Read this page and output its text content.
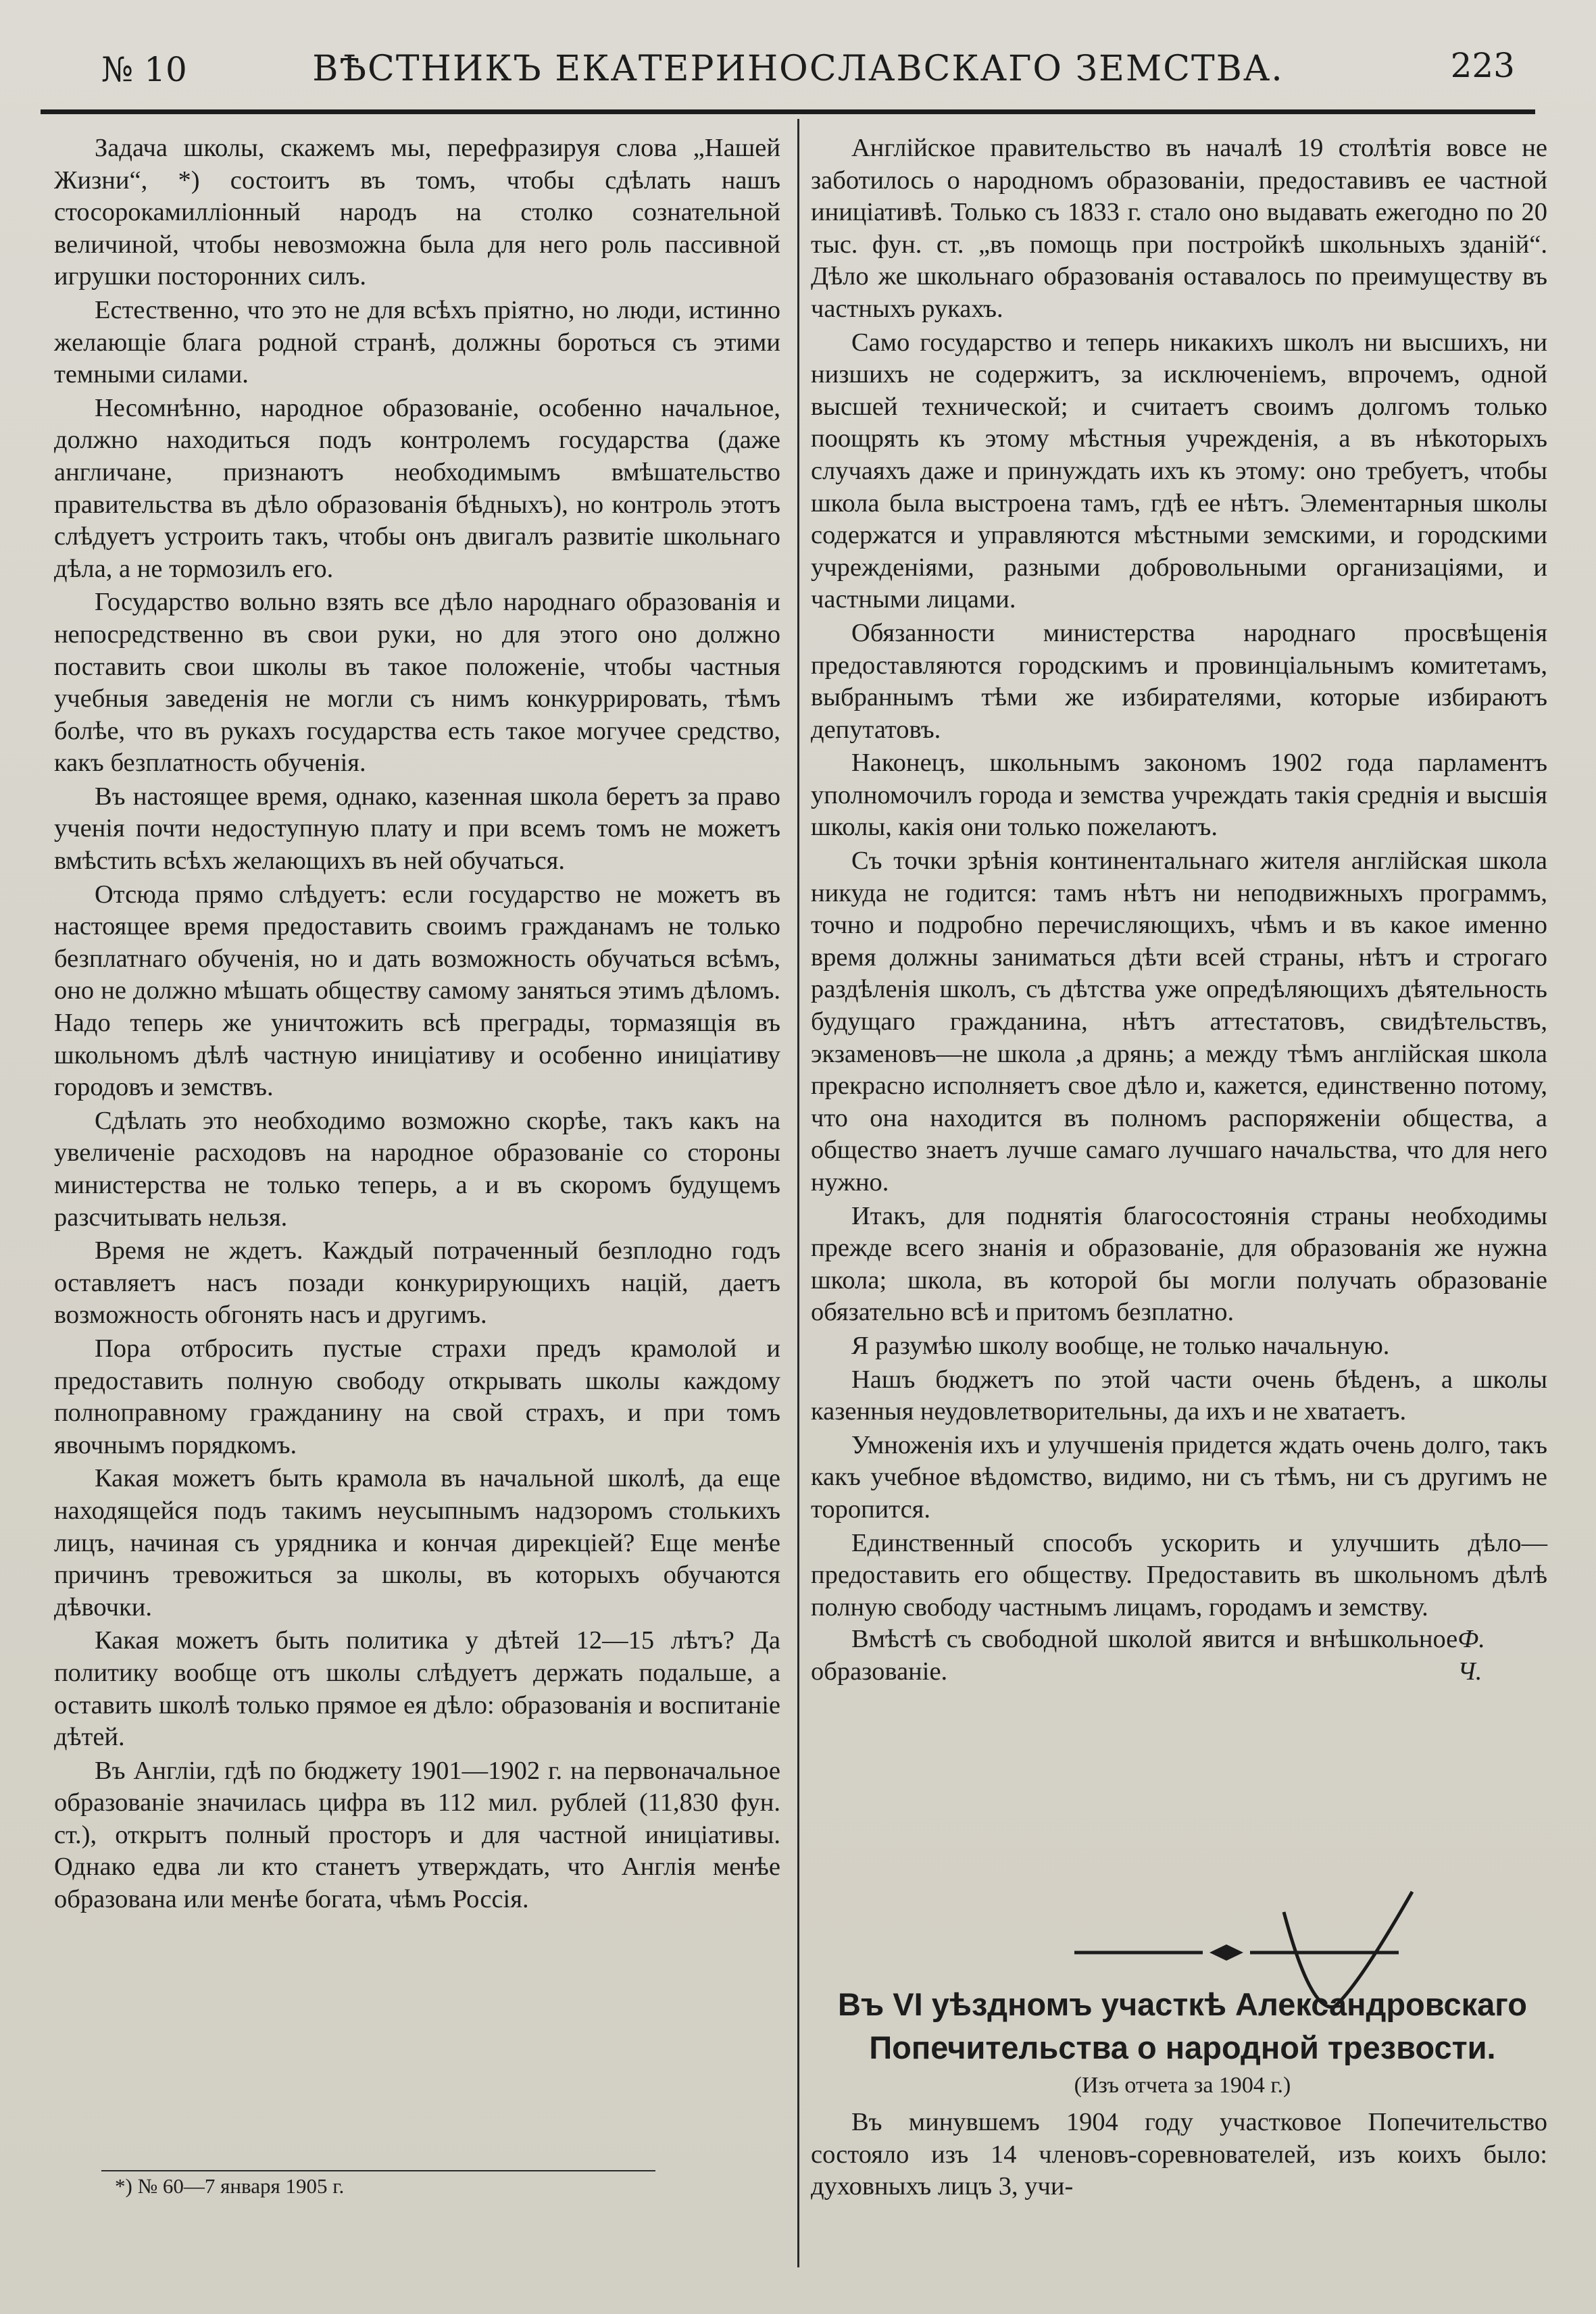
№ 10	ВѢСТНИКЪ ЕКАТЕРИНОСЛАВСКАГО ЗЕМСТВА.	223

Задача школы, скажемъ мы, перефразируя слова „Нашей Жизни“, *) состоитъ въ томъ, чтобы сдѣлать нашъ стосорокамилліонный народъ на столко сознательной величиной, чтобы невозможна была для него роль пассивной игрушки посторонних силъ.

Естественно, что это не для всѣхъ пріятно, но люди, истинно желающіе блага родной странѣ, должны бороться съ этими темными силами.

Несомнѣнно, народное образованіе, особенно начальное, должно находиться подъ контролемъ государства (даже англичане, признаютъ необходимымъ вмѣшательство правительства въ дѣло образованія бѣдныхъ), но контроль этотъ слѣдуетъ устроить такъ, чтобы онъ двигалъ развитіе школьнаго дѣла, а не тормозилъ его.

Государство вольно взять все дѣло народнаго образованія и непосредственно въ свои руки, но для этого оно должно поставить свои школы въ такое положеніе, чтобы частныя учебныя заведенія не могли съ нимъ конкуррировать, тѣмъ болѣе, что въ рукахъ государства есть такое могучее средство, какъ безплатность обученія.

Въ настоящее время, однако, казенная школа беретъ за право ученія почти недоступную плату и при всемъ томъ не можетъ вмѣстить всѣхъ желающихъ въ ней обучаться.

Отсюда прямо слѣдуетъ: если государство не можетъ въ настоящее время предоставить своимъ гражданамъ не только безплатнаго обученія, но и дать возможность обучаться всѣмъ, оно не должно мѣшать обществу самому заняться этимъ дѣломъ. Надо теперь же уничтожить всѣ преграды, тормазящія въ школьномъ дѣлѣ частную иниціативу и особенно иниціативу городовъ и земствъ.

Сдѣлать это необходимо возможно скорѣе, такъ какъ на увеличеніе расходовъ на народное образованіе со стороны министерства не только теперь, а и въ скоромъ будущемъ разсчитывать нельзя.

Время не ждетъ. Каждый потраченный безплодно годъ оставляетъ насъ позади конкурирующихъ націй, даетъ возможность обгонять насъ и другимъ.

Пора отбросить пустые страхи предъ крамолой и предоставить полную свободу открывать школы каждому полноправному гражданину на свой страхъ, и при томъ явочнымъ порядкомъ.

Какая можетъ быть крамола въ начальной школѣ, да еще находящейся подъ такимъ неусыпнымъ надзоромъ столькихъ лицъ, начиная съ урядника и кончая дирекціей? Еще менѣе причинъ тревожиться за школы, въ которыхъ обучаются дѣвочки.

Какая можетъ быть политика у дѣтей 12—15 лѣтъ? Да политику вообще отъ школы слѣдуетъ держать подальше, а оставить школѣ только прямое ея дѣло: образованія и воспитаніе дѣтей.

Въ Англіи, гдѣ по бюджету 1901—1902 г. на первоначальное образованіе значилась цифра въ 112 мил. рублей (11,830 фун. ст.), открытъ полный просторъ и для частной иниціативы. Однако едва ли кто станетъ утверждать, что Англія менѣе образована или менѣе богата, чѣмъ Россія.

*) № 60—7 января 1905 г.

Англійское правительство въ началѣ 19 столѣтія вовсе не заботилось о народномъ образованіи, предоставивъ ее частной иниціативѣ. Только съ 1833 г. стало оно выдавать ежегодно по 20 тыс. фун. ст. „въ помощь при постройкѣ школьныхъ зданій“. Дѣло же школьнаго образованія оставалось по преимуществу въ частныхъ рукахъ.

Само государство и теперь никакихъ школъ ни высшихъ, ни низшихъ не содержитъ, за исключеніемъ, впрочемъ, одной высшей технической; и считаетъ своимъ долгомъ только поощрять къ этому мѣстныя учрежденія, а въ нѣкоторыхъ случаяхъ даже и принуждать ихъ къ этому: оно требуетъ, чтобы школа была выстроена тамъ, гдѣ ее нѣтъ. Элементарныя школы содержатся и управляются мѣстными земскими, и городскими учрежденіями, разными добровольными организаціями, и частными лицами.

Обязанности министерства народнаго просвѣщенія предоставляются городскимъ и провинціальнымъ комитетамъ, выбраннымъ тѣми же избирателями, которые избираютъ депутатовъ.

Наконецъ, школьнымъ закономъ 1902 года парламентъ уполномочилъ города и земства учреждать такія среднія и высшія школы, какія они только пожелаютъ.

Съ точки зрѣнія континентальнаго жителя англійская школа никуда не годится: тамъ нѣтъ ни неподвижныхъ программъ, точно и подробно перечисляющихъ, чѣмъ и въ какое именно время должны заниматься дѣти всей страны, нѣтъ и строгаго раздѣленія школъ, съ дѣтства уже опредѣляющихъ дѣятельность будущаго гражданина, нѣтъ аттестатовъ, свидѣтельствъ, экзаменовъ—не школа ,а дрянь; а между тѣмъ англійская школа прекрасно исполняетъ свое дѣло и, кажется, единственно потому, что она находится въ полномъ распоряженіи общества, а общество знаетъ лучше самаго лучшаго начальства, что для него нужно.

Итакъ, для поднятія благосостоянія страны необходимы прежде всего знанія и образованіе, для образованія же нужна школа; школа, въ которой бы могли получать образованіе обязательно всѣ и притомъ безплатно.

Я разумѣю школу вообще, не только начальную.

Нашъ бюджетъ по этой части очень бѣденъ, а школы казенныя неудовлетворительны, да ихъ и не хватаетъ.

Умноженія ихъ и улучшенія придется ждать очень долго, такъ какъ учебное вѣдомство, видимо, ни съ тѣмъ, ни съ другимъ не торопится.

Единственный способъ ускорить и улучшить дѣло—предоставить его обществу. Предоставить въ школьномъ дѣлѣ полную свободу частнымъ лицамъ, городамъ и земству.

Вмѣстѣ съ свободной школой явится и внѣшкольное образованіе.

Ф. Ч.
Въ VI уѣздномъ участкѣ Александровскаго Попечительства о народной трезвости.
(Изъ отчета за 1904 г.)

Въ минувшемъ 1904 году участковое Попечительство состояло изъ 14 членовъ-соревнователей, изъ коихъ было: духовныхъ лицъ 3, учи-
